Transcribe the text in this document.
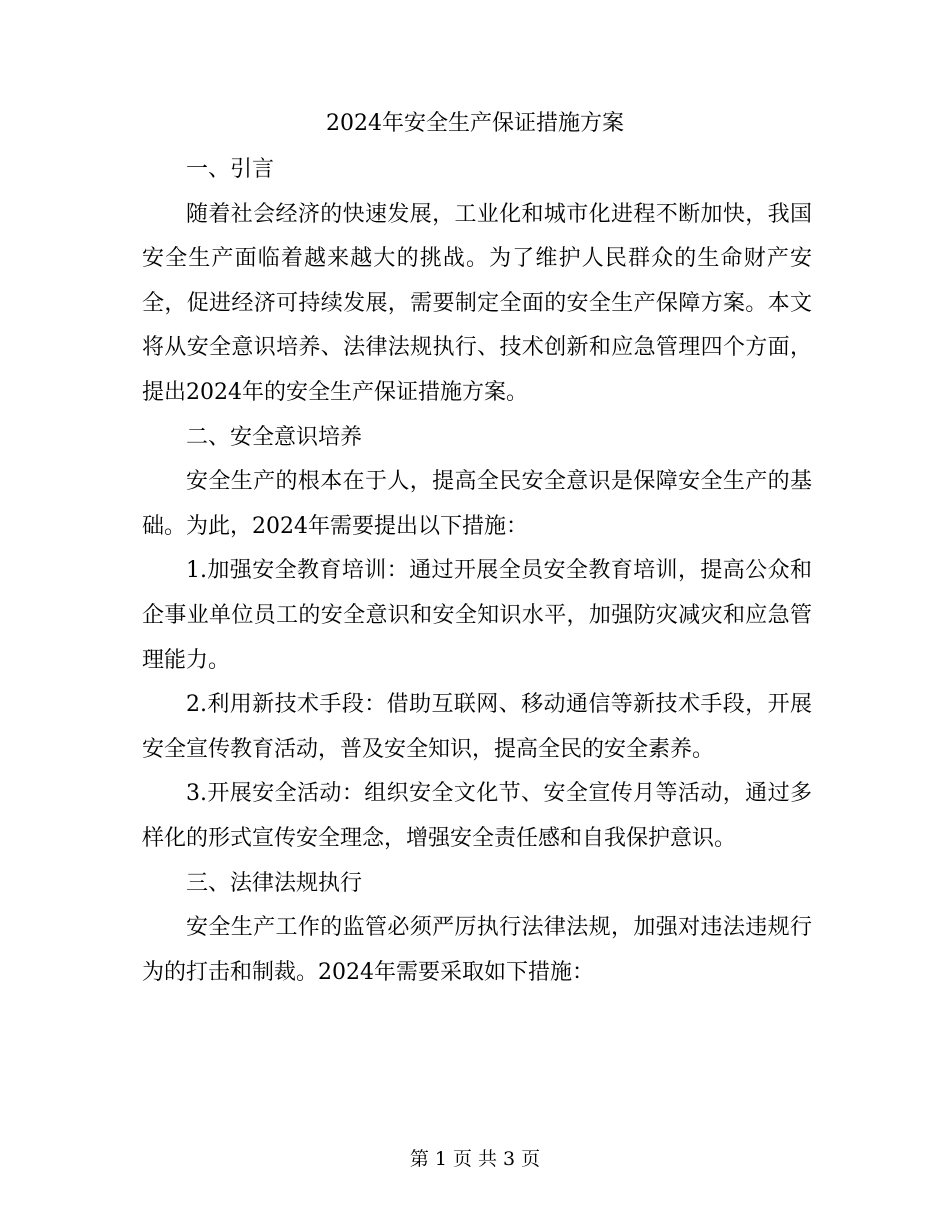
2024年安全生产保证措施方案

一、引言

随着社会经济的快速发展，工业化和城市化进程不断加快，我国安全生产面临着越来越大的挑战。为了维护人民群众的生命财产安全，促进经济可持续发展，需要制定全面的安全生产保障方案。本文将从安全意识培养、法律法规执行、技术创新和应急管理四个方面，提出2024年的安全生产保证措施方案。

二、安全意识培养

安全生产的根本在于人，提高全民安全意识是保障安全生产的基础。为此，2024年需要提出以下措施：

1.加强安全教育培训：通过开展全员安全教育培训，提高公众和企事业单位员工的安全意识和安全知识水平，加强防灾减灾和应急管理能力。

2.利用新技术手段：借助互联网、移动通信等新技术手段，开展安全宣传教育活动，普及安全知识，提高全民的安全素养。

3.开展安全活动：组织安全文化节、安全宣传月等活动，通过多样化的形式宣传安全理念，增强安全责任感和自我保护意识。

三、法律法规执行

安全生产工作的监管必须严厉执行法律法规，加强对违法违规行为的打击和制裁。2024年需要采取如下措施：

第 1 页 共 3 页
